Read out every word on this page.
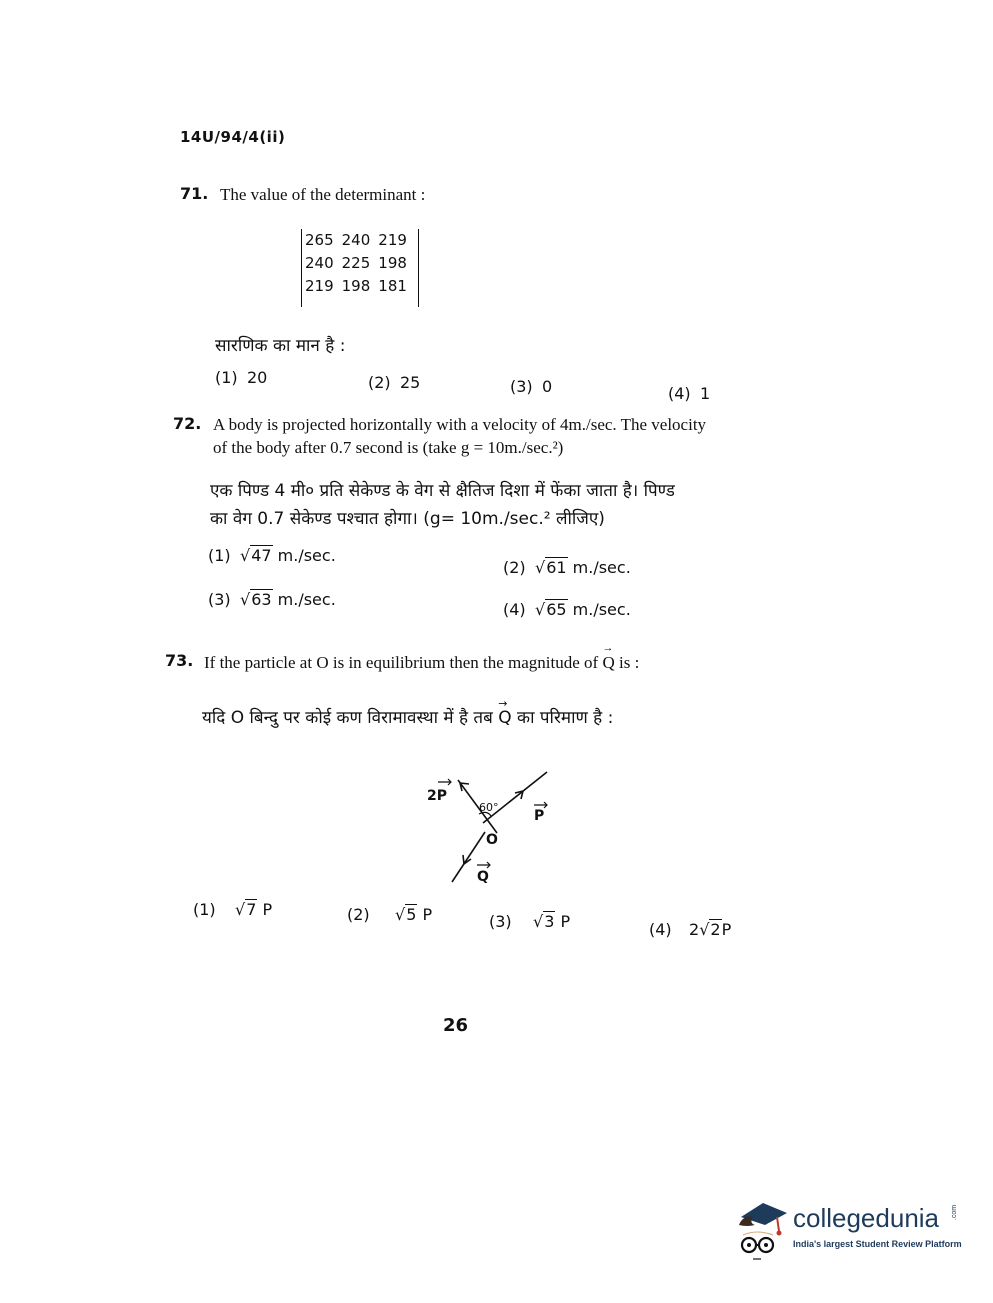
14U/94/4(ii)
71. The value of the determinant :
265	240	219
240	225	198
219	198	181
सारणिक का मान है :
(1) 20	(2) 25	(3) 0	(4) 1
72. A body is projected horizontally with a velocity of 4m./sec. The velocity
of the body after 0.7 second is (take g = 10m./sec.²)
एक पिण्ड 4 मी० प्रति सेकेण्ड के वेग से क्षैतिज दिशा में फेंका जाता है। पिण्ड
का वेग 0.7 सेकेण्ड पश्चात होगा। (g= 10m./sec.² लीजिए)
(1) √47 m./sec.
(2) √61 m./sec.
(3) √63 m./sec.
(4) √65 m./sec.
73. If the particle at O is in equilibrium then the magnitude of → Q is :
यदि O बिन्दु पर कोई कण विरामावस्था में है तब → Q का परिमाण है :
2P
60°
O
P
Q
(1) √7 P	(2) √5 P	(3) √3 P	(4) 2√2P
26
collegedunia .com
India's largest Student Review Platform
